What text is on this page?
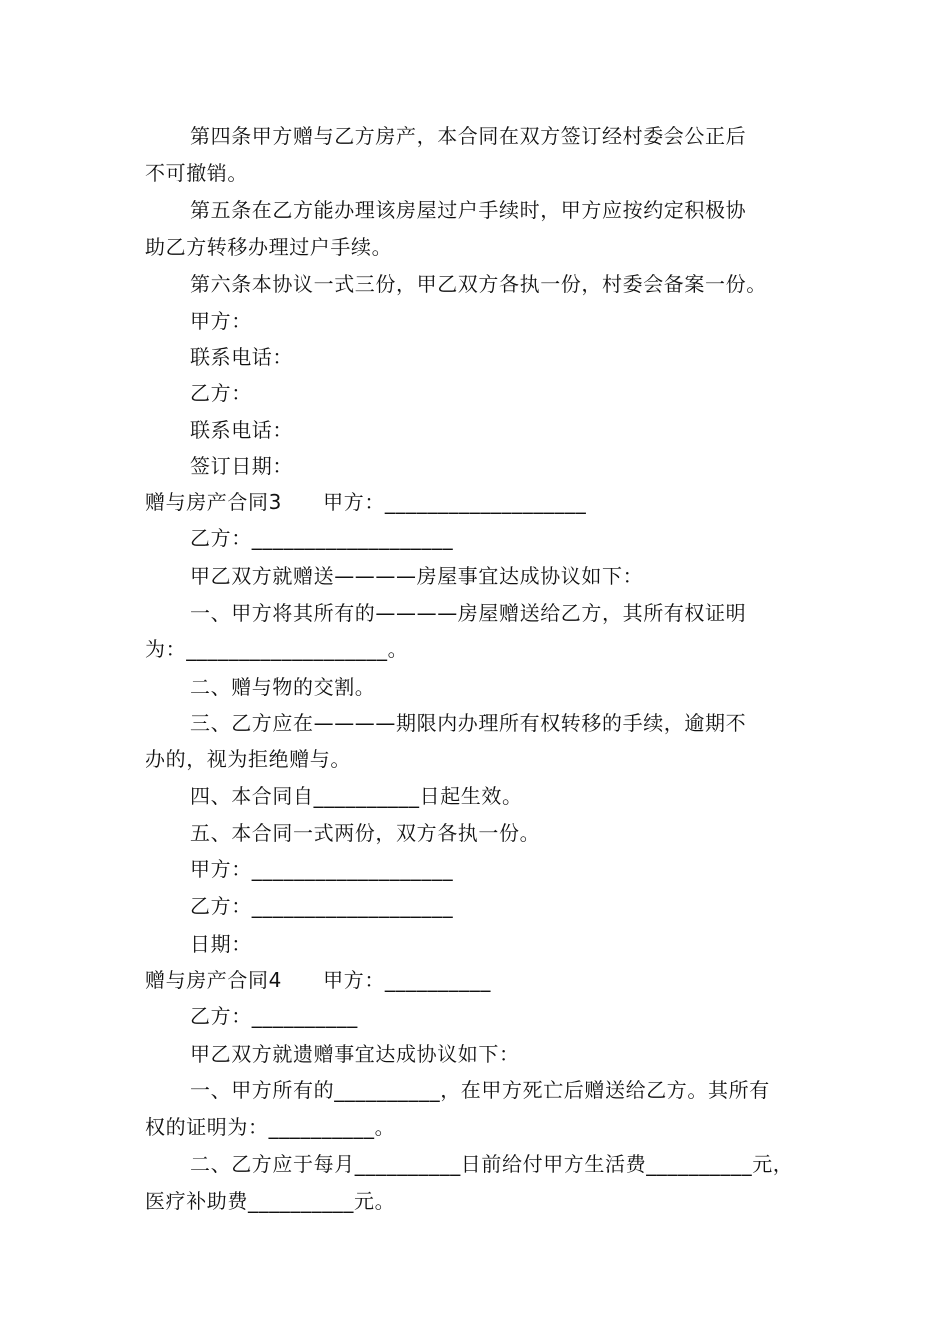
第四条甲方赠与乙方房产，本合同在双方签订经村委会公正后
不可撤销。
第五条在乙方能办理该房屋过户手续时，甲方应按约定积极协
助乙方转移办理过户手续。
第六条本协议一式三份，甲乙双方各执一份，村委会备案一份。
甲方：
联系电话：
乙方：
联系电话：
签订日期：
赠与房产合同3　　甲方：___________________
乙方：___________________
甲乙双方就赠送————房屋事宜达成协议如下：
一、甲方将其所有的————房屋赠送给乙方，其所有权证明
为：___________________。
二、赠与物的交割。
三、乙方应在————期限内办理所有权转移的手续，逾期不
办的，视为拒绝赠与。
四、本合同自__________日起生效。
五、本合同一式两份，双方各执一份。
甲方：___________________
乙方：___________________
日期：
赠与房产合同4　　甲方：__________
乙方：__________
甲乙双方就遗赠事宜达成协议如下：
一、甲方所有的__________，在甲方死亡后赠送给乙方。其所有
权的证明为：__________。
二、乙方应于每月__________日前给付甲方生活费__________元，
医疗补助费__________元。
